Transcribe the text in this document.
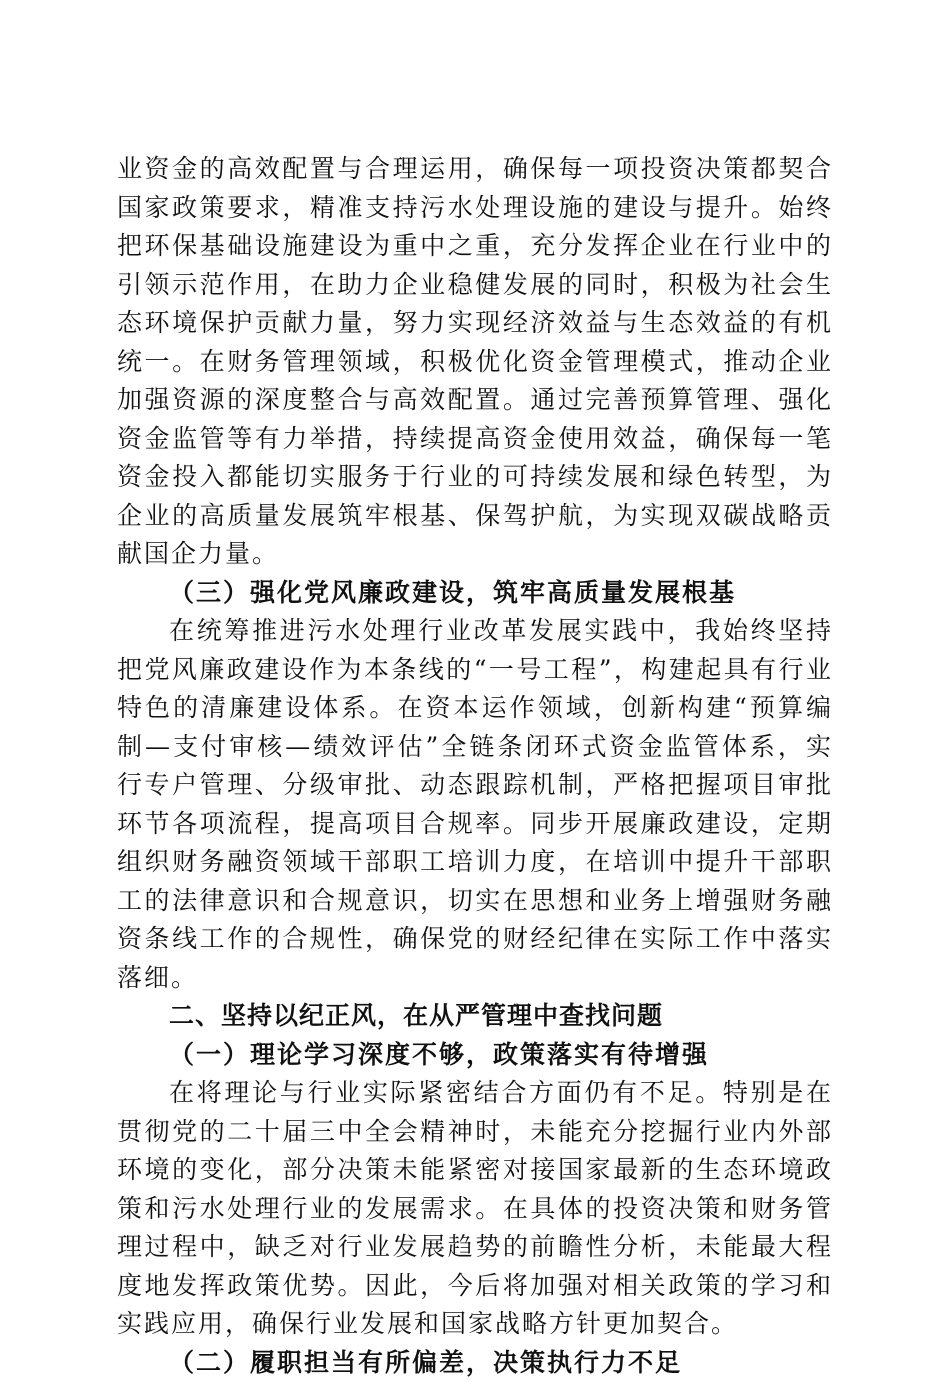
业资金的高效配置与合理运用，确保每一项投资决策都契合国家政策要求，精准支持污水处理设施的建设与提升。始终把环保基础设施建设为重中之重，充分发挥企业在行业中的引领示范作用，在助力企业稳健发展的同时，积极为社会生态环境保护贡献力量，努力实现经济效益与生态效益的有机统一。在财务管理领域，积极优化资金管理模式，推动企业加强资源的深度整合与高效配置。通过完善预算管理、强化资金监管等有力举措，持续提高资金使用效益，确保每一笔资金投入都能切实服务于行业的可持续发展和绿色转型，为企业的高质量发展筑牢根基、保驾护航，为实现双碳战略贡献国企力量。

（三）强化党风廉政建设，筑牢高质量发展根基

在统筹推进污水处理行业改革发展实践中，我始终坚持把党风廉政建设作为本条线的“一号工程”，构建起具有行业特色的清廉建设体系。在资本运作领域，创新构建“预算编制—支付审核—绩效评估”全链条闭环式资金监管体系，实行专户管理、分级审批、动态跟踪机制，严格把握项目审批环节各项流程，提高项目合规率。同步开展廉政建设，定期组织财务融资领域干部职工培训力度，在培训中提升干部职工的法律意识和合规意识，切实在思想和业务上增强财务融资条线工作的合规性，确保党的财经纪律在实际工作中落实落细。

二、坚持以纪正风，在从严管理中查找问题

（一）理论学习深度不够，政策落实有待增强

在将理论与行业实际紧密结合方面仍有不足。特别是在贯彻党的二十届三中全会精神时，未能充分挖掘行业内外部环境的变化，部分决策未能紧密对接国家最新的生态环境政策和污水处理行业的发展需求。在具体的投资决策和财务管理过程中，缺乏对行业发展趋势的前瞻性分析，未能最大程度地发挥政策优势。因此，今后将加强对相关政策的学习和实践应用，确保行业发展和国家战略方针更加契合。

（二）履职担当有所偏差，决策执行力不足
